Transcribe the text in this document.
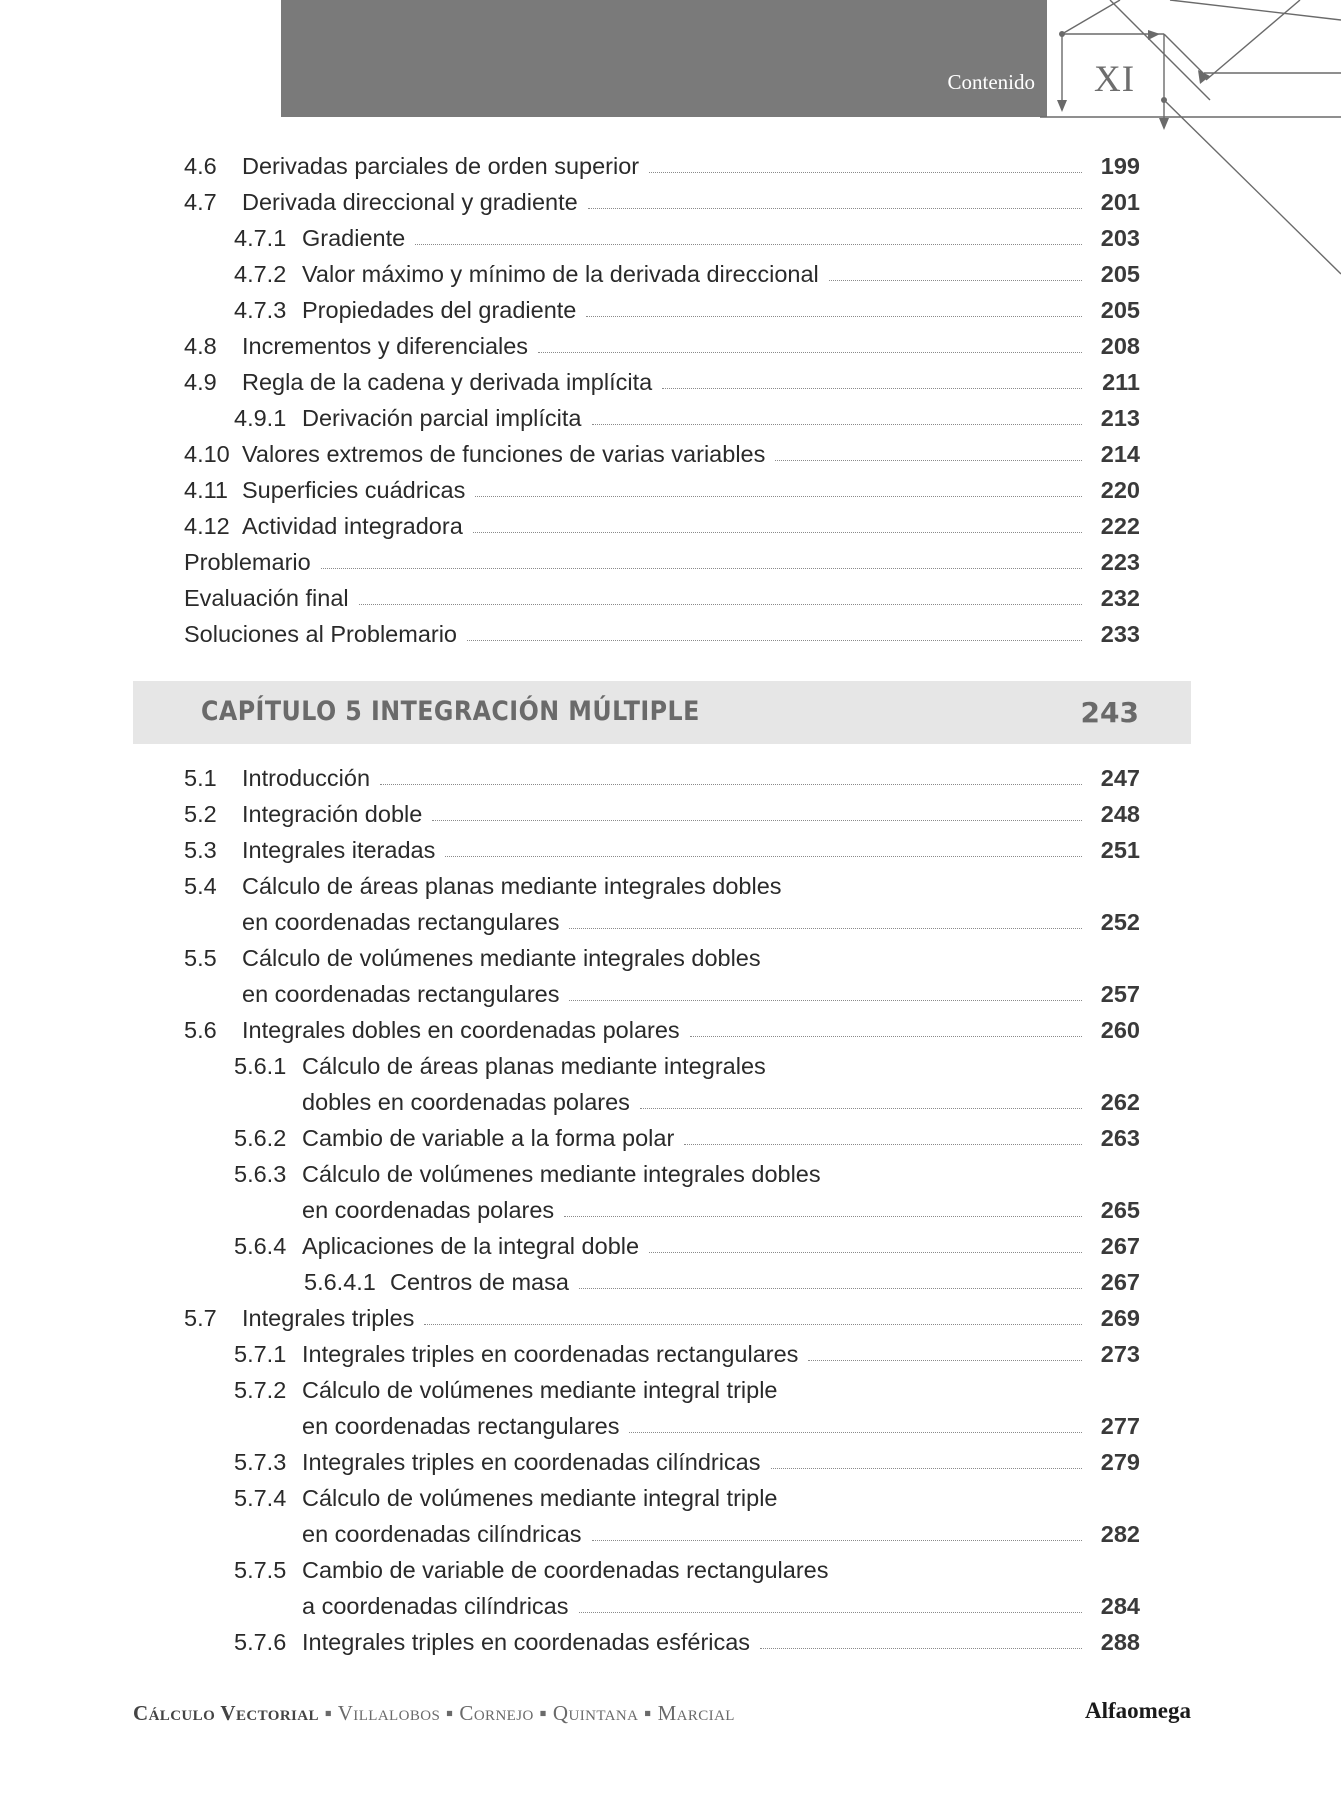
Contenido XI
4.6 Derivadas parciales de orden superior	199
4.7 Derivada direccional y gradiente	201
4.7.1 Gradiente	203
4.7.2 Valor máximo y mínimo de la derivada direccional	205
4.7.3 Propiedades del gradiente	205
4.8 Incrementos y diferenciales	208
4.9 Regla de la cadena y derivada implícita	211
4.9.1 Derivación parcial implícita	213
4.10 Valores extremos de funciones de varias variables	214
4.11 Superficies cuádricas	220
4.12 Actividad integradora	222
Problemario	223
Evaluación final	232
Soluciones al Problemario	233
CAPÍTULO 5 INTEGRACIÓN MÚLTIPLE	243
5.1 Introducción	247
5.2 Integración doble	248
5.3 Integrales iteradas	251
5.4 Cálculo de áreas planas mediante integrales dobles
en coordenadas rectangulares	252
5.5 Cálculo de volúmenes mediante integrales dobles
en coordenadas rectangulares	257
5.6 Integrales dobles en coordenadas polares	260
5.6.1 Cálculo de áreas planas mediante integrales
dobles en coordenadas polares	262
5.6.2 Cambio de variable a la forma polar	263
5.6.3 Cálculo de volúmenes mediante integrales dobles
en coordenadas polares	265
5.6.4 Aplicaciones de la integral doble	267
5.6.4.1 Centros de masa	267
5.7 Integrales triples	269
5.7.1 Integrales triples en coordenadas rectangulares	273
5.7.2 Cálculo de volúmenes mediante integral triple
en coordenadas rectangulares	277
5.7.3 Integrales triples en coordenadas cilíndricas	279
5.7.4 Cálculo de volúmenes mediante integral triple
en coordenadas cilíndricas	282
5.7.5 Cambio de variable de coordenadas rectangulares
a coordenadas cilíndricas	284
5.7.6 Integrales triples en coordenadas esféricas	288
Cálculo Vectorial ▪ Villalobos ▪ Cornejo ▪ Quintana ▪ Marcial	Alfaomega
